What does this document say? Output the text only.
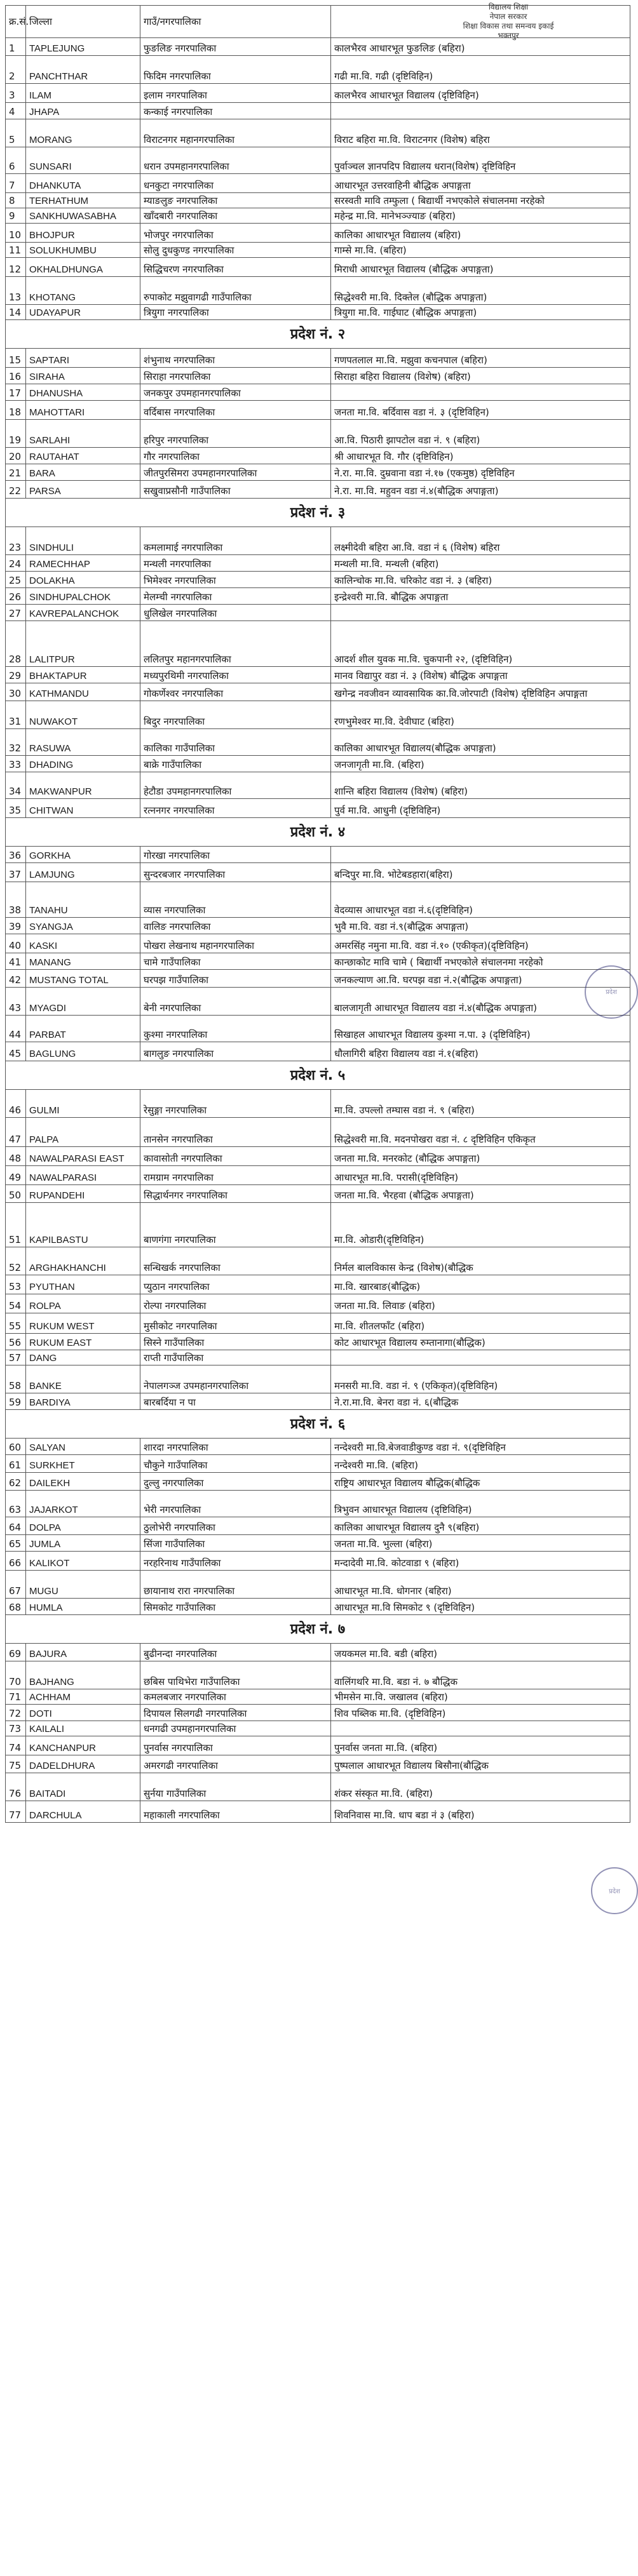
क्र.सं.	जिल्ला	गाउँ/नगरपालिका	
1	TAPLEJUNG	फुङलिङ नगरपालिका	कालभैरव आधारभूत फुङलिङ (बहिरा)
2	PANCHTHAR	फिदिम नगरपालिका	गढी मा.वि. गढी (दृष्टिविहिन)
3	ILAM	इलाम नगरपालिका	कालभैरव आधारभूत विद्यालय (दृष्टिविहिन)
4	JHAPA	कन्काई नगरपालिका	
5	MORANG	विराटनगर महानगरपालिका	विराट बहिरा मा.वि. विराटनगर (विशेष) बहिरा
6	SUNSARI	धरान उपमहानगरपालिका	पुर्वाञ्चल ज्ञानपदिप विद्यालय धरान(विशेष) दृष्टिविहिन
7	DHANKUTA	धनकुटा नगरपालिका	आधारभूत उत्तरवाहिनी बौद्धिक अपाङ्गता
8	TERHATHUM	म्याङलुङ नगरपालिका	सरस्वती मावि तम्फुला ( बिद्यार्थी नभएकोले संचालनमा नरहेको
9	SANKHUWASABHA	खाँदबारी नगरपालिका	महेन्द्र मा.वि. मानेभञ्ज्याङ (बहिरा)
10	BHOJPUR	भोजपुर नगरपालिका	कालिका आधारभूत विद्यालय (बहिरा)
11	SOLUKHUMBU	सोलु दुधकुण्ड नगरपालिका	गाम्से मा.वि. (बहिरा)
12	OKHALDHUNGA	सिद्धिचरण नगरपालिका	मिराधी आधारभूत विद्यालय (बौद्धिक अपाङ्गता)
13	KHOTANG	रुपाकोट मझुवागढी गाउँपालिका	सिद्धेश्वरी मा.वि. दिक्तेल (बौद्धिक अपाङ्गता)
14	UDAYAPUR	त्रियुगा नगरपालिका	त्रियुगा मा.वि. गाईघाट (बौद्धिक अपाङ्गता)
प्रदेश नं. २			
15	SAPTARI	शंभुनाथ नगरपालिका	गणपतलाल मा.वि. मझुवा कचनपाल (बहिरा)
16	SIRAHA	सिराहा नगरपालिका	सिराहा बहिरा विद्यालय (विशेष) (बहिरा)
17	DHANUSHA	जनकपुर उपमहानगरपालिका	
18	MAHOTTARI	वर्दिबास नगरपालिका	जनता मा.वि. बर्दिवास वडा नं. ३ (दृष्टिविहिन)
19	SARLAHI	हरिपुर नगरपालिका	आ.वि. पिठारी झापटोल वडा नं. ९ (बहिरा)
20	RAUTAHAT	गौर नगरपालिका	श्री आधारभूत वि. गौर (दृष्टिविहिन)
21	BARA	जीतपुरसिमरा उपमहानगरपालिका	ने.रा. मा.वि. दुम्रवाना वडा नं.१७ (एकमुष्ठ) दृष्टिविहिन
22	PARSA	सखुवाप्रसौनी गाउँपालिका	ने.रा. मा.वि. महुवन वडा नं.४(बौद्धिक अपाङ्गता)
प्रदेश नं. ३			
23	SINDHULI	कमलामाई नगरपालिका	लक्ष्मीदेवी बहिरा आ.वि. वडा नं ६ (विशेष) बहिरा
24	RAMECHHAP	मन्थली नगरपालिका	मन्थली मा.वि. मन्थली (बहिरा)
25	DOLAKHA	भिमेश्वर नगरपालिका	कालिन्चोक मा.वि. चरिकोट वडा नं. ३ (बहिरा)
26	SINDHUPALCHOK	मेलम्ची नगरपालिका	इन्द्रेश्वरी मा.वि. बौद्धिक अपाङ्गता
27	KAVREPALANCHOK	धुलिखेल नगरपालिका	
28	LALITPUR	ललितपुर महानगरपालिका	आदर्श शील युवक मा.वि. चुकपानी २२, (दृष्टिविहिन)
29	BHAKTAPUR	मध्यपुरथिमी नगरपालिका	मानव विद्यापुर वडा नं. ३ (विशेष) बौद्धिक अपाङ्गता
30	KATHMANDU	गोकर्णेश्वर नगरपालिका	खगेन्द्र नवजीवन व्यावसायिक का.वि.जोरपाटी (विशेष) दृष्टिविहिन अपाङ्गता
31	NUWAKOT	बिदुर नगरपालिका	रणभुमेश्वर मा.वि. देवीघाट (बहिरा)
32	RASUWA	कालिका गाउँपालिका	कालिका आधारभूत विद्यालय(बौद्धिक अपाङ्गता)
33	DHADING	बाक्रे गाउँपालिका	जनजागृती मा.वि. (बहिरा)
34	MAKWANPUR	हेटौडा उपमहानगरपालिका	शान्ति बहिरा विद्यालय (विशेष) (बहिरा)
35	CHITWAN	रत्ननगर नगरपालिका	पुर्व मा.वि. आधुनी (दृष्टिविहिन)
प्रदेश नं. ४			
36	GORKHA	गोरखा नगरपालिका	
37	LAMJUNG	सुन्दरबजार नगरपालिका	बन्दिपुर मा.वि. भोटेबडहारा(बहिरा)
38	TANAHU	व्यास नगरपालिका	वेदव्यास आधारभूत वडा नं.६(दृष्टिविहिन)
39	SYANGJA	वालिङ नगरपालिका	भुवै मा.वि. वडा नं.९(बौद्धिक अपाङ्गता)
40	KASKI	पोखरा लेखनाथ महानगरपालिका	अमरसिंह नमुना मा.वि. वडा नं.१० (एकीकृत)(दृष्टिविहिन)
41	MANANG	चामे गाउँपालिका	कान्छाकोट मावि चामे ( बिद्यार्थी नभएकोले संचालनमा नरहेको
42	MUSTANG TOTAL	घरपझ गाउँपालिका	जनकल्याण आ.वि. घरपझ वडा नं.२(बौद्धिक अपाङ्गता)
43	MYAGDI	बेनी नगरपालिका	बालजागृती आधारभूत विद्यालय वडा नं.४(बौद्धिक अपाङ्गता)
44	PARBAT	कुश्मा नगरपालिका	सिखाहल आधारभूत विद्यालय कुश्मा न.पा. ३ (दृष्टिविहिन)
45	BAGLUNG	बागलुङ नगरपालिका	धौलागिरी बहिरा विद्यालय वडा नं.१(बहिरा)
प्रदेश नं. ५			
46	GULMI	रेसुङ्गा नगरपालिका	मा.वि. उपल्लो तम्घास वडा नं. ९ (बहिरा)
47	PALPA	तानसेन नगरपालिका	सिद्धेश्वरी मा.वि. मदनपोखरा वडा नं. ८ दृष्टिविहिन एकिकृत
48	NAWALPARASI EAST	कावासोती नगरपालिका	जनता मा.वि. मनरकोट (बौद्धिक अपाङ्गता)
49	NAWALPARASI	रामग्राम नगरपालिका	आधारभूत मा.वि. परासी(दृष्टिविहिन)
50	RUPANDEHI	सिद्धार्थनगर नगरपालिका	जनता मा.वि. भैरहवा (बौद्धिक अपाङ्गता)
51	KAPILBASTU	बाणगंगा नगरपालिका	मा.वि. ओडारी(दृष्टिविहिन)
52	ARGHAKHANCHI	सन्धिखर्क नगरपालिका	निर्मल बालविकास केन्द्र (विशेष)(बौद्धिक
53	PYUTHAN	प्युठान नगरपालिका	मा.वि. खारबाङ(बौद्धिक)
54	ROLPA	रोल्पा नगरपालिका	जनता मा.वि. लिवाङ (बहिरा)
55	RUKUM WEST	मुसीकोट नगरपालिका	मा.वि. शीतलफाँट (बहिरा)
56	RUKUM EAST	सिस्ने गाउँपालिका	कोट आधारभूत विद्यालय रुम्तानागा(बौद्धिक)
57	DANG	राप्ती गाउँपालिका	
58	BANKE	नेपालगञ्ज उपमहानगरपालिका	मनसरी मा.वि. वडा नं. ९ (एकिकृत)(दृष्टिविहिन)
59	BARDIYA	बारबर्दिया न पा	ने.रा.मा.वि. बेनरा वडा नं. ६(बौद्धिक
प्रदेश नं. ६			
60	SALYAN	शारदा नगरपालिका	नन्देश्वरी मा.वि.बेजवाडीकुण्ड वडा नं. ९(दृष्टिविहिन
61	SURKHET	चौकुने गाउँपालिका	नन्देश्वरी मा.वि. (बहिरा)
62	DAILEKH	दुल्लु नगरपालिका	राष्ट्रिय आधारभूत विद्यालय बौद्धिक(बौद्धिक
63	JAJARKOT	भेरी नगरपालिका	त्रिभुवन आधारभूत विद्यालय (दृष्टिविहिन)
64	DOLPA	ठुलोभेरी नगरपालिका	कालिका आधारभूत विद्यालय दुनै ९(बहिरा)
65	JUMLA	सिंजा गाउँपालिका	जनता मा.वि. भुल्ला (बहिरा)
66	KALIKOT	नरहरिनाथ गाउँपालिका	मन्दादेवी मा.वि. कोटवाडा ९ (बहिरा)
67	MUGU	छायानाथ रारा नगरपालिका	आधारभूत मा.वि. धोगनार (बहिरा)
68	HUMLA	सिमकोट गाउँपालिका	आधारभूत मा.वि सिमकोट ९ (दृष्टिविहिन)
प्रदेश नं. ७			
69	BAJURA	बुढीनन्दा नगरपालिका	जयकमल मा.वि. बडी (बहिरा)
70	BAJHANG	छबिस पाथिभेरा गाउँपालिका	वालिंगथरि मा.वि. बडा नं. ७ बौद्धिक
71	ACHHAM	कमलबजार नगरपालिका	भीमसेन मा.वि. जखालव (बहिरा)
72	DOTI	दिपायल सिलगढी नगरपालिका	शिव पब्लिक मा.वि. (दृष्टिविहिन)
73	KAILALI	धनगढी उपमहानगरपालिका	
74	KANCHANPUR	पुनर्वास नगरपालिका	पुनर्वास जनता मा.वि. (बहिरा)
75	DADELDHURA	अमरगढी नगरपालिका	पुष्पलाल आधारभूत विद्यालय बिसौना(बौद्धिक
76	BAITADI	सुर्नया गाउँपालिका	शंकर संस्कृत मा.वि. (बहिरा)
77	DARCHULA	महाकाली नगरपालिका	शिवनिवास मा.वि. धाप बडा नं ३ (बहिरा)
विद्यालय शिक्षा
नेपाल सरकार
शिक्षा विकास तथा समन्वय इकाई
भक्तपुर
प्रदेश
प्रदेश
